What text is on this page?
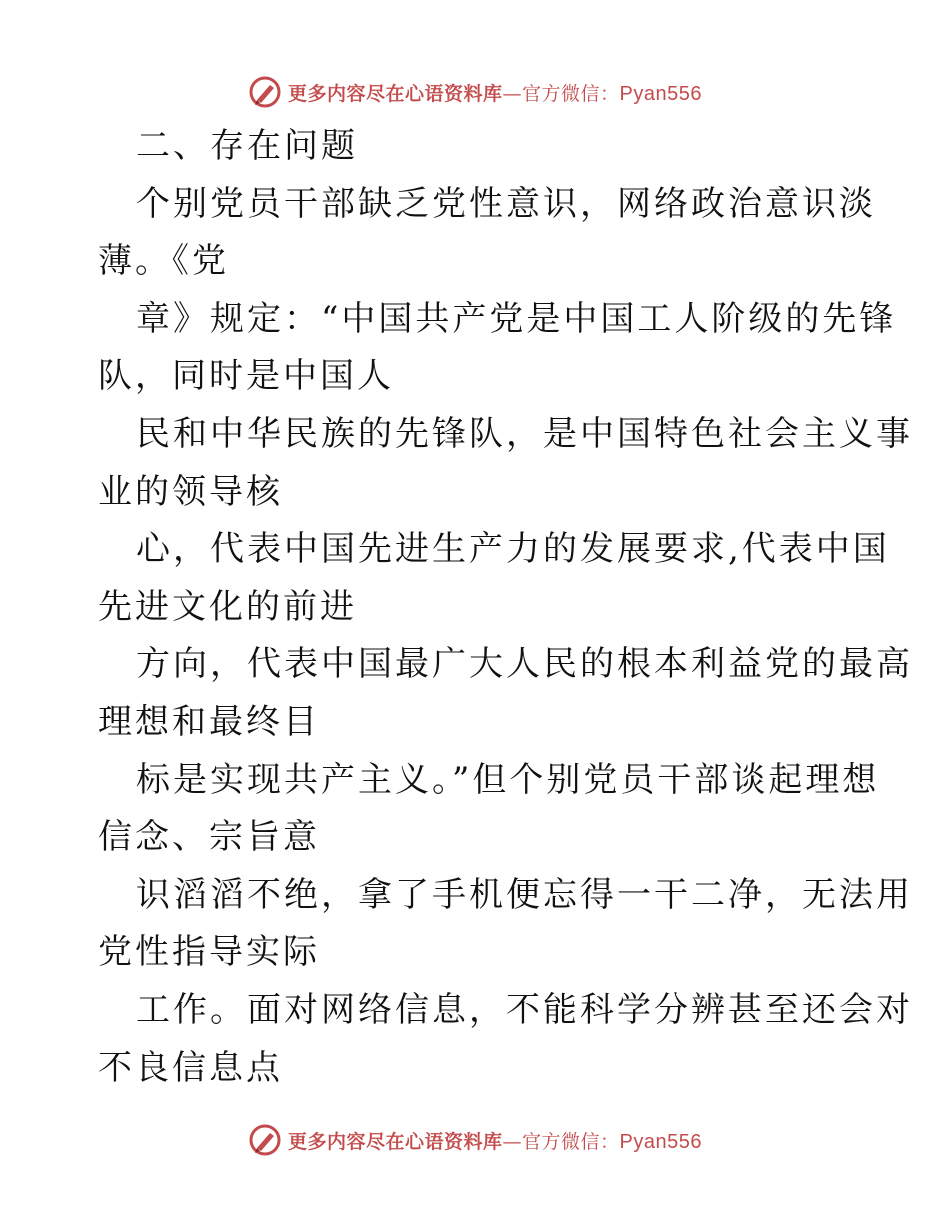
更多内容尽在心语资料库—官方微信：Pyan556
二、存在问题
个别党员干部缺乏党性意识，网络政治意识淡
薄。《党
章》规定：“中国共产党是中国工人阶级的先锋
队，同时是中国人
民和中华民族的先锋队，是中国特色社会主义事
业的领导核
心，代表中国先进生产力的发展要求,代表中国
先进文化的前进
方向，代表中国最广大人民的根本利益党的最高
理想和最终目
标是实现共产主义。”但个别党员干部谈起理想
信念、宗旨意
识滔滔不绝，拿了手机便忘得一干二净，无法用
党性指导实际
工作。面对网络信息，不能科学分辨甚至还会对
不良信息点
更多内容尽在心语资料库—官方微信：Pyan556
